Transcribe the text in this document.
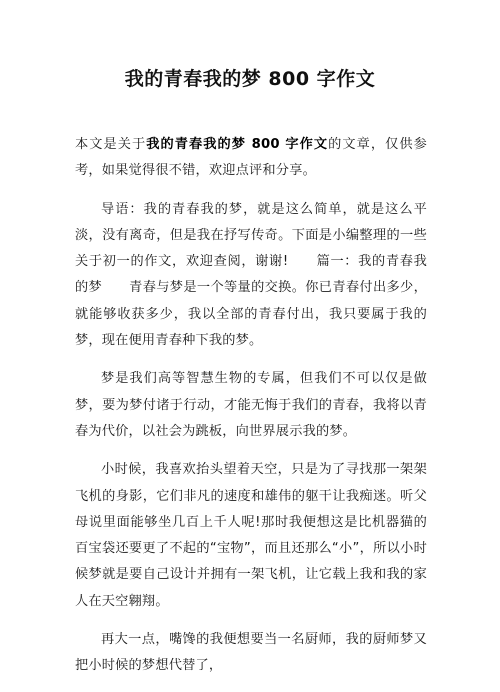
我的青春我的梦 800 字作文

本文是关于我的青春我的梦 800 字作文的文章，仅供参考，如果觉得很不错，欢迎点评和分享。

导语：我的青春我的梦，就是这么简单，就是这么平淡，没有离奇，但是我在抒写传奇。下面是小编整理的一些关于初一的作文，欢迎查阅，谢谢!　　篇一：我的青春我的梦　　青春与梦是一个等量的交换。你已青春付出多少，就能够收获多少，我以全部的青春付出，我只要属于我的梦，现在便用青春种下我的梦。

梦是我们高等智慧生物的专属，但我们不可以仅是做梦，要为梦付诸于行动，才能无悔于我们的青春，我将以青春为代价，以社会为跳板，向世界展示我的梦。

小时候，我喜欢抬头望着天空，只是为了寻找那一架架飞机的身影，它们非凡的速度和雄伟的躯干让我痴迷。听父母说里面能够坐几百上千人呢!那时我便想这是比机器猫的百宝袋还要更了不起的“宝物”，而且还那么“小”，所以小时候梦就是要自己设计并拥有一架飞机，让它载上我和我的家人在天空翱翔。

再大一点，嘴馋的我便想要当一名厨师，我的厨师梦又把小时候的梦想代替了，
